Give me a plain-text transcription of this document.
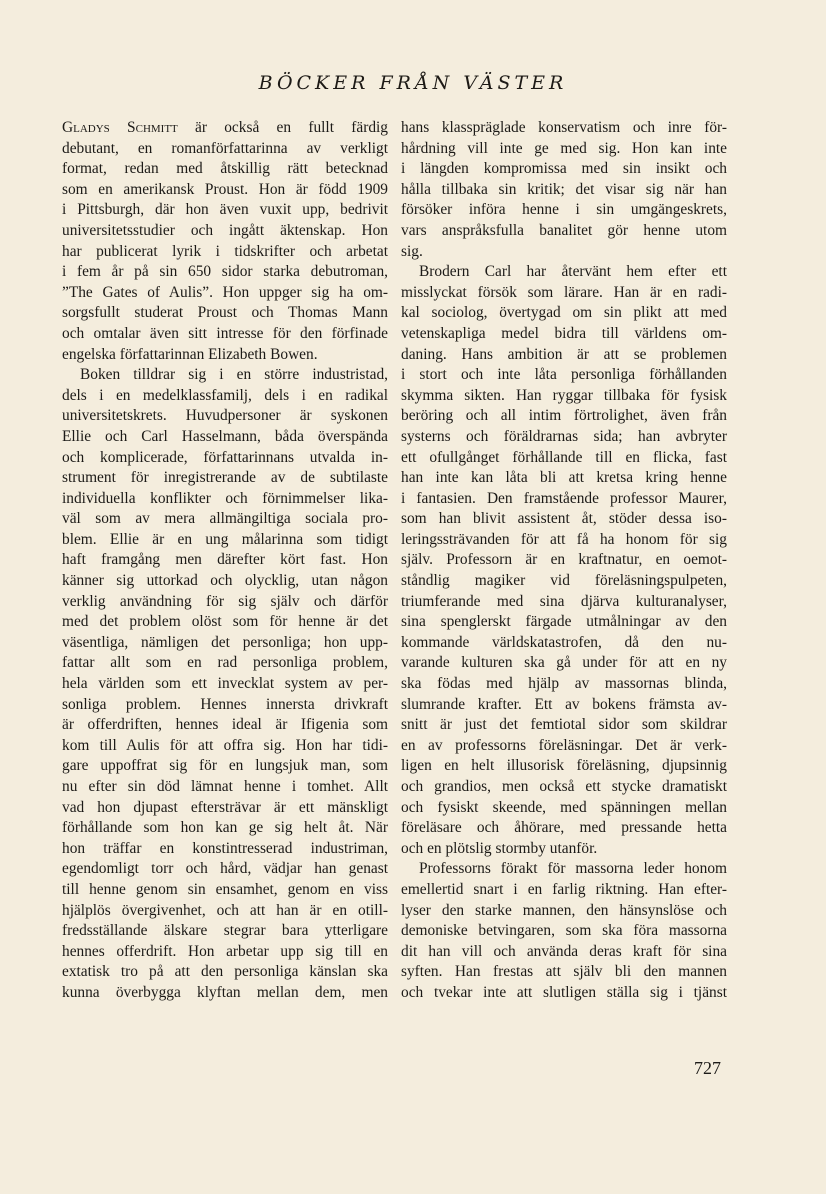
BÖCKER FRÅN VÄSTER
Gladys Schmitt är också en fullt färdig
debutant, en romanförfattarinna av verkligt
format, redan med åtskillig rätt betecknad
som en amerikansk Proust. Hon är född 1909
i Pittsburgh, där hon även vuxit upp, bedrivit
universitetsstudier och ingått äktenskap. Hon
har publicerat lyrik i tidskrifter och arbetat
i fem år på sin 650 sidor starka debutroman,
”The Gates of Aulis”. Hon uppger sig ha om-
sorgsfullt studerat Proust och Thomas Mann
och omtalar även sitt intresse för den förfinade
engelska författarinnan Elizabeth Bowen.
Boken tilldrar sig i en större industristad,
dels i en medelklassfamilj, dels i en radikal
universitetskrets. Huvudpersoner är syskonen
Ellie och Carl Hasselmann, båda överspända
och komplicerade, författarinnans utvalda in-
strument för inregistrerande av de subtilaste
individuella konflikter och förnimmelser lika-
väl som av mera allmängiltiga sociala pro-
blem. Ellie är en ung målarinna som tidigt
haft framgång men därefter kört fast. Hon
känner sig uttorkad och olycklig, utan någon
verklig användning för sig själv och därför
med det problem olöst som för henne är det
väsentliga, nämligen det personliga; hon upp-
fattar allt som en rad personliga problem,
hela världen som ett invecklat system av per-
sonliga problem. Hennes innersta drivkraft
är offerdriften, hennes ideal är Ifigenia som
kom till Aulis för att offra sig. Hon har tidi-
gare uppoffrat sig för en lungsjuk man, som
nu efter sin död lämnat henne i tomhet. Allt
vad hon djupast eftersträvar är ett mänskligt
förhållande som hon kan ge sig helt åt. När
hon träffar en konstintresserad industriman,
egendomligt torr och hård, vädjar han genast
till henne genom sin ensamhet, genom en viss
hjälplös övergivenhet, och att han är en otill-
fredsställande älskare stegrar bara ytterligare
hennes offerdrift. Hon arbetar upp sig till en
extatisk tro på att den personliga känslan ska
kunna överbygga klyftan mellan dem, men
hans klasspräglade konservatism och inre för-
hårdning vill inte ge med sig. Hon kan inte
i längden kompromissa med sin insikt och
hålla tillbaka sin kritik; det visar sig när han
försöker införa henne i sin umgängeskrets,
vars anspråksfulla banalitet gör henne utom
sig.
Brodern Carl har återvänt hem efter ett
misslyckat försök som lärare. Han är en radi-
kal sociolog, övertygad om sin plikt att med
vetenskapliga medel bidra till världens om-
daning. Hans ambition är att se problemen
i stort och inte låta personliga förhållanden
skymma sikten. Han ryggar tillbaka för fysisk
beröring och all intim förtrolighet, även från
systerns och föräldrarnas sida; han avbryter
ett ofullgånget förhållande till en flicka, fast
han inte kan låta bli att kretsa kring henne
i fantasien. Den framstående professor Maurer,
som han blivit assistent åt, stöder dessa iso-
leringssträvanden för att få ha honom för sig
själv. Professorn är en kraftnatur, en oemot-
ståndlig magiker vid föreläsningspulpeten,
triumferande med sina djärva kulturanalyser,
sina spenglerskt färgade utmålningar av den
kommande världskatastrofen, då den nu-
varande kulturen ska gå under för att en ny
ska födas med hjälp av massornas blinda,
slumrande krafter. Ett av bokens främsta av-
snitt är just det femtiotal sidor som skildrar
en av professorns föreläsningar. Det är verk-
ligen en helt illusorisk föreläsning, djupsinnig
och grandios, men också ett stycke dramatiskt
och fysiskt skeende, med spänningen mellan
föreläsare och åhörare, med pressande hetta
och en plötslig stormby utanför.
Professorns förakt för massorna leder honom
emellertid snart i en farlig riktning. Han efter-
lyser den starke mannen, den hänsynslöse och
demoniske betvingaren, som ska föra massorna
dit han vill och använda deras kraft för sina
syften. Han frestas att själv bli den mannen
och tvekar inte att slutligen ställa sig i tjänst
727
